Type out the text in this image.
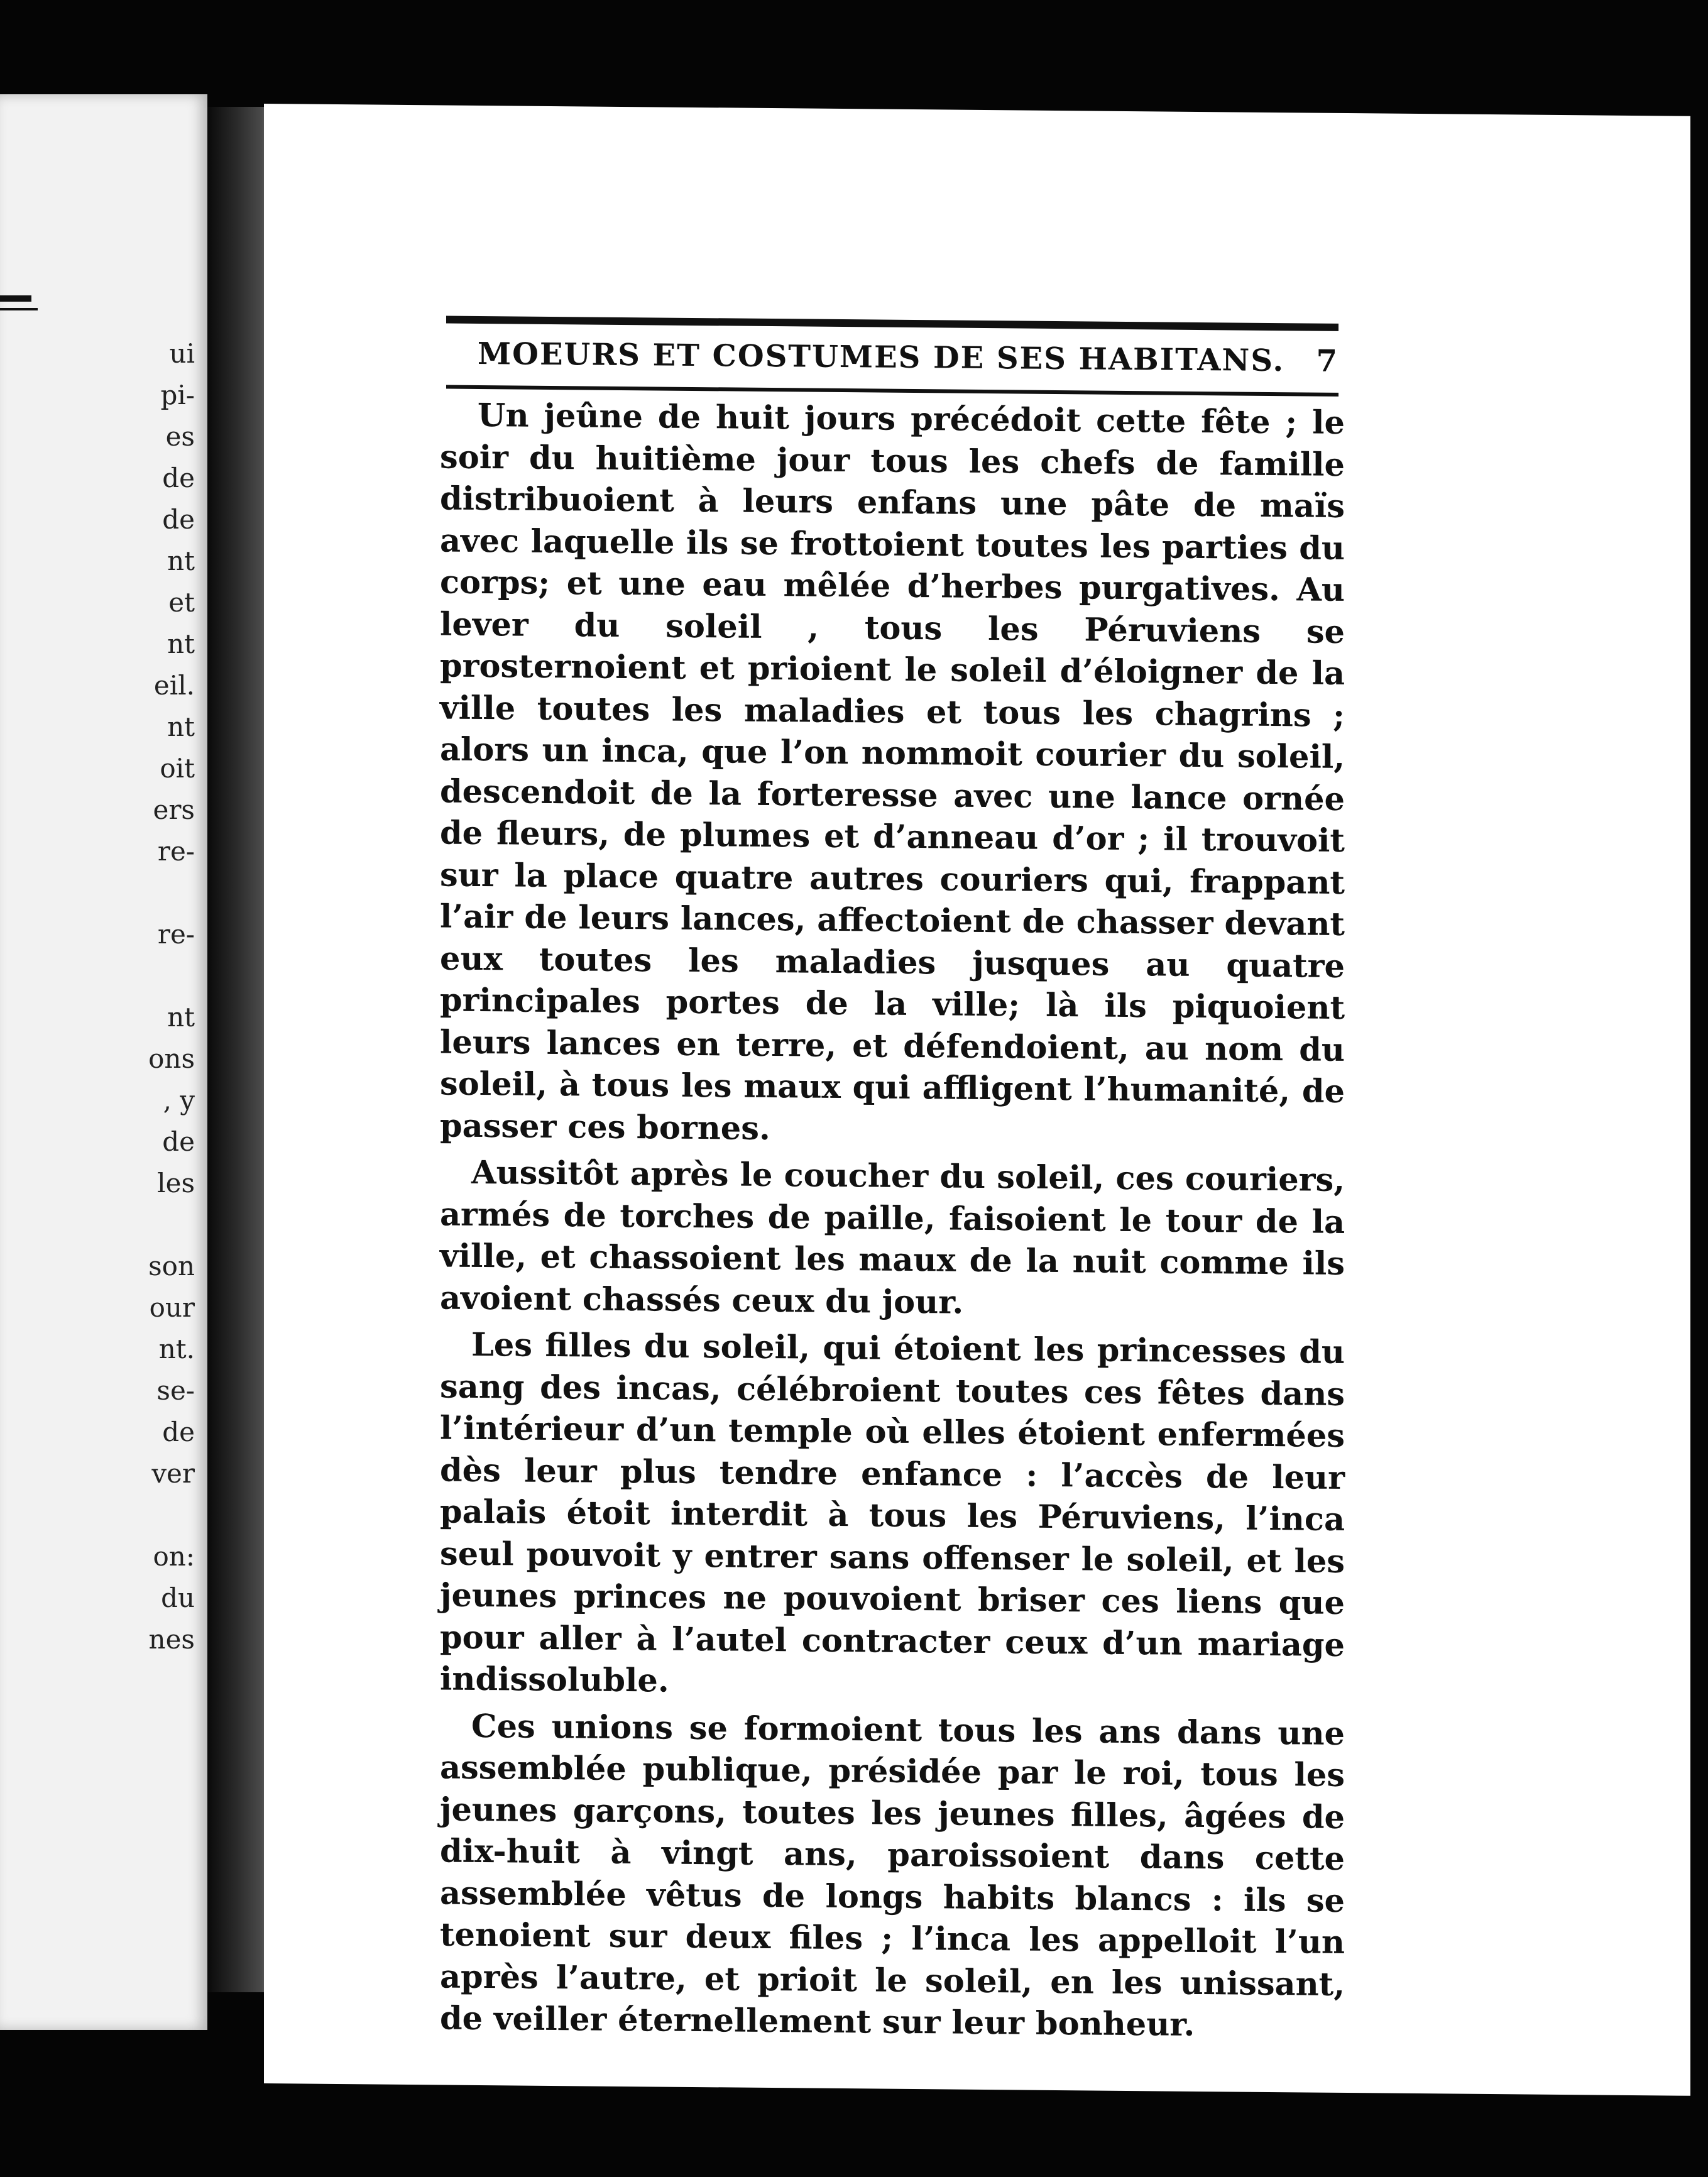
ui
pi-
es
de
de
nt
et
nt
eil.
nt
oit
ers
re-
re-
nt
ons
, y
de
les
son
our
nt.
se-
de
ver
on:
du
nes
MOEURS ET COSTUMES DE SES HABITANS. 7

Un jeûne de huit jours précédoit cette fête ; le soir du huitième jour tous les chefs de famille distribuoient à leurs enfans une pâte de maïs avec laquelle ils se frottoient toutes les parties du corps; et une eau mêlée d’herbes purgatives. Au lever du soleil , tous les Péruviens se prosternoient et prioient le soleil d’éloigner de la ville toutes les maladies et tous les chagrins ; alors un inca, que l’on nommoit courier du soleil, descendoit de la forteresse avec une lance ornée de fleurs, de plumes et d’anneau d’or ; il trouvoit sur la place quatre autres couriers qui, frappant l’air de leurs lances, affectoient de chasser devant eux toutes les maladies jusques au quatre principales portes de la ville; là ils piquoient leurs lances en terre, et défendoient, au nom du soleil, à tous les maux qui affligent l’humanité, de passer ces bornes.

Aussitôt après le coucher du soleil, ces couriers, armés de torches de paille, faisoient le tour de la ville, et chassoient les maux de la nuit comme ils avoient chassés ceux du jour.

Les filles du soleil, qui étoient les princesses du sang des incas, célébroient toutes ces fêtes dans l’intérieur d’un temple où elles étoient enfermées dès leur plus tendre enfance : l’accès de leur palais étoit interdit à tous les Péruviens, l’inca seul pouvoit y entrer sans offenser le soleil, et les jeunes princes ne pouvoient briser ces liens que pour aller à l’autel contracter ceux d’un mariage indissoluble.

Ces unions se formoient tous les ans dans une assemblée publique, présidée par le roi, tous les jeunes garçons, toutes les jeunes filles, âgées de dix-huit à vingt ans, paroissoient dans cette assemblée vêtus de longs habits blancs : ils se tenoient sur deux files ; l’inca les appelloit l’un après l’autre, et prioit le soleil, en les unissant, de veiller éternellement sur leur bonheur.
